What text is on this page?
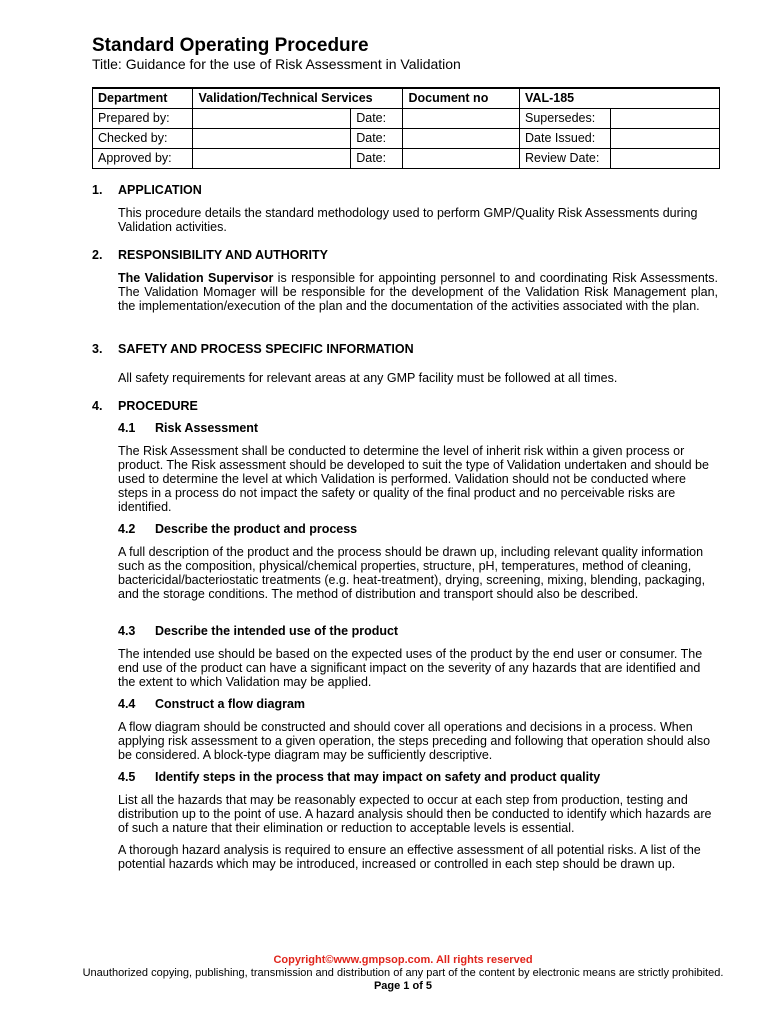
Standard Operating Procedure

Title: Guidance for the use of Risk Assessment in Validation

Department	Validation/Technical Services		Document no	VAL-185	
Prepared by:		Date:		Supersedes:	
Checked by:		Date:		Date Issued:	
Approved by:		Date:		Review Date:	
1.	APPLICATION

This procedure details the standard methodology used to perform GMP/Quality Risk Assessments during Validation activities.

2.	RESPONSIBILITY AND AUTHORITY

The Validation Supervisor is responsible for appointing personnel to and coordinating Risk Assessments. The Validation Momager will be responsible for the development of the Validation Risk Management plan, the implementation/execution of the plan and the documentation of the activities associated with the plan.

3.	SAFETY AND PROCESS SPECIFIC INFORMATION

All safety requirements for relevant areas at any GMP facility must be followed at all times.

4.	PROCEDURE
4.1	Risk Assessment

The Risk Assessment shall be conducted to determine the level of inherit risk within a given process or product. The Risk assessment should be developed to suit the type of Validation undertaken and should be used to determine the level at which Validation is performed. Validation should not be conducted where steps in a process do not impact the safety or quality of the final product and no perceivable risks are identified.

4.2	Describe the product and process

A full description of the product and the process should be drawn up, including relevant quality information such as the composition, physical/chemical properties, structure, pH, temperatures, method of cleaning, bactericidal/bacteriostatic treatments (e.g. heat-treatment), drying, screening, mixing, blending, packaging, and the storage conditions. The method of distribution and transport should also be described.

4.3	Describe the intended use of the product

The intended use should be based on the expected uses of the product by the end user or consumer. The end use of the product can have a significant impact on the severity of any hazards that are identified and the extent to which Validation may be applied.

4.4	Construct a flow diagram

A flow diagram should be constructed and should cover all operations and decisions in a process. When applying risk assessment to a given operation, the steps preceding and following that operation should also be considered. A block-type diagram may be sufficiently descriptive.

4.5	Identify steps in the process that may impact on safety and product quality

List all the hazards that may be reasonably expected to occur at each step from production, testing and distribution up to the point of use. A hazard analysis should then be conducted to identify which hazards are of such a nature that their elimination or reduction to acceptable levels is essential.

A thorough hazard analysis is required to ensure an effective assessment of all potential risks. A list of the potential hazards which may be introduced, increased or controlled in each step should be drawn up.

Copyright©www.gmpsop.com. All rights reserved
Unauthorized copying, publishing, transmission and distribution of any part of the content by electronic means are strictly prohibited. Page 1 of 5
